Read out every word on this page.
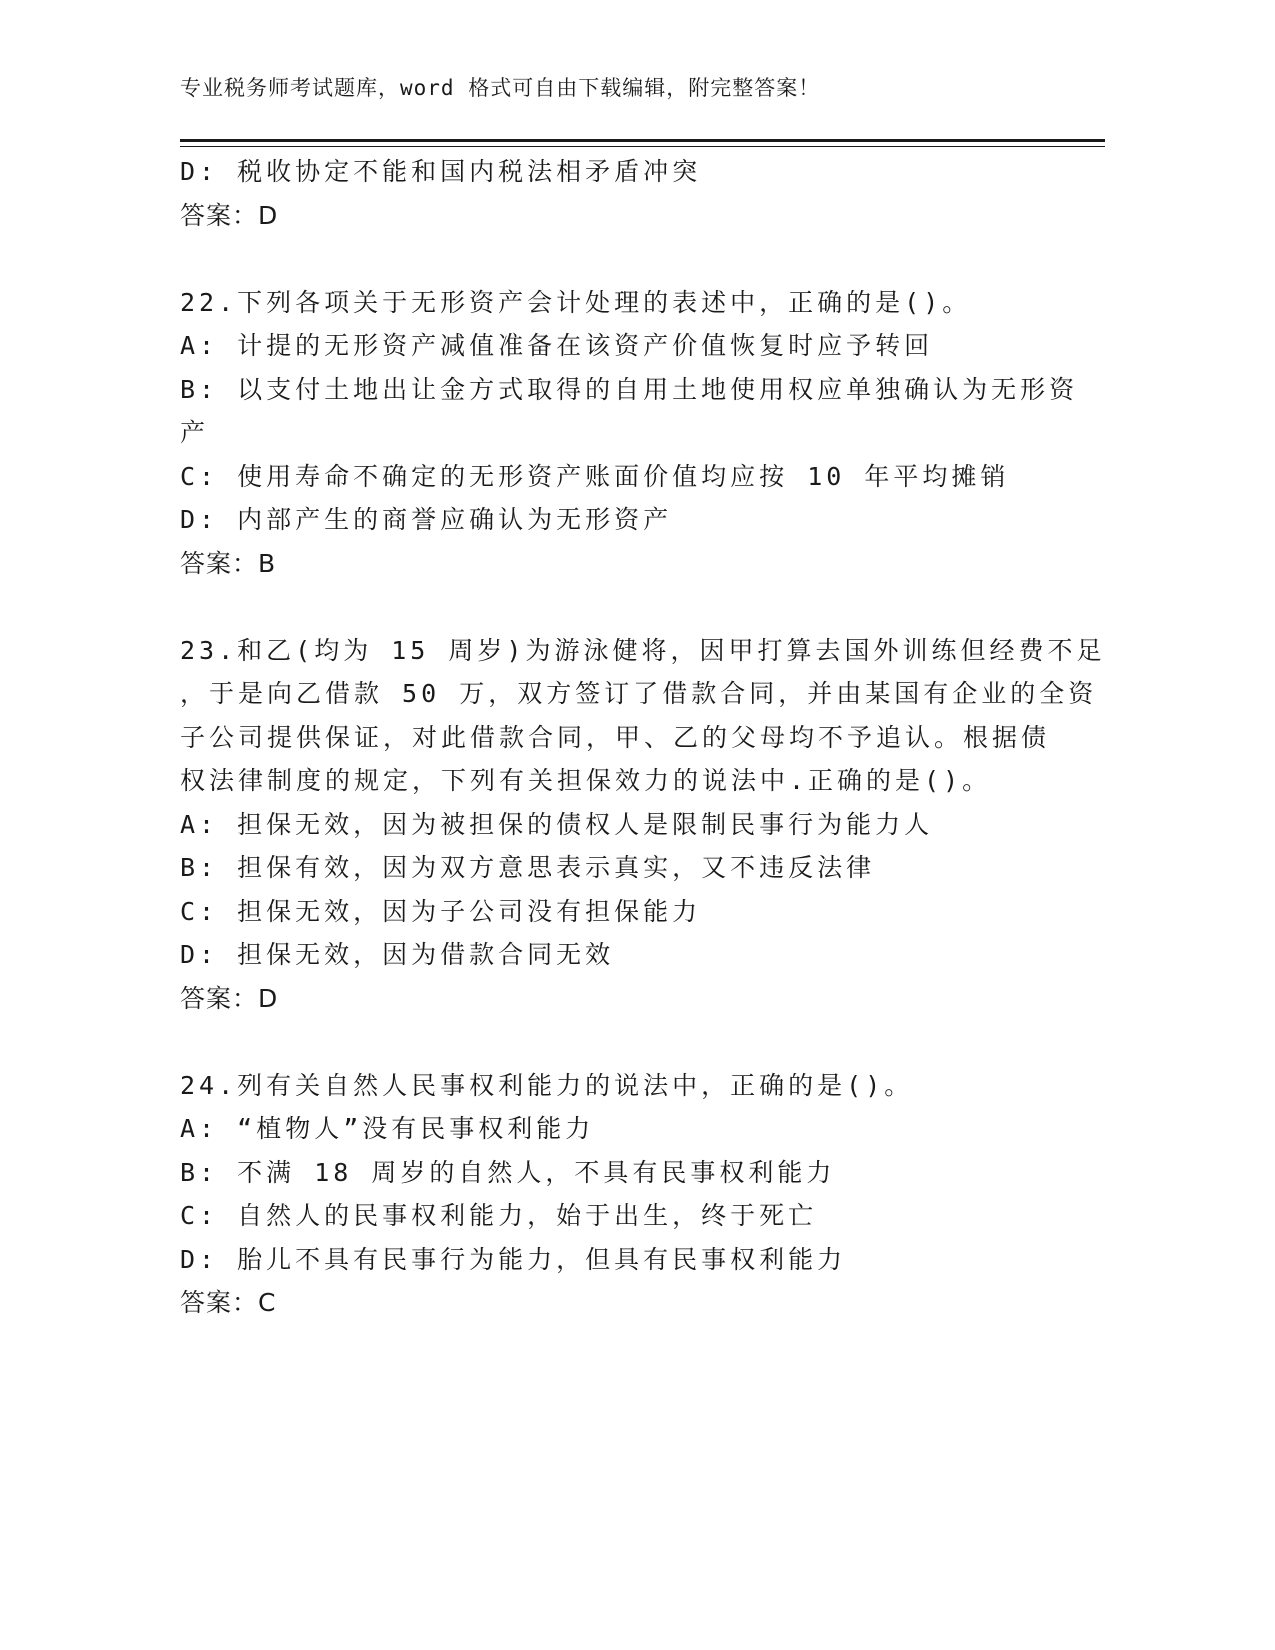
专业税务师考试题库，word 格式可自由下载编辑，附完整答案！
D: 税收协定不能和国内税法相矛盾冲突
答案：D
22.下列各项关于无形资产会计处理的表述中，正确的是()。
A: 计提的无形资产减值准备在该资产价值恢复时应予转回
B: 以支付土地出让金方式取得的自用土地使用权应单独确认为无形资
产
C: 使用寿命不确定的无形资产账面价值均应按 10 年平均摊销
D: 内部产生的商誉应确认为无形资产
答案：B
23.和乙(均为 15 周岁)为游泳健将，因甲打算去国外训练但经费不足
，于是向乙借款 50 万，双方签订了借款合同，并由某国有企业的全资
子公司提供保证，对此借款合同，甲、乙的父母均不予追认。根据债
权法律制度的规定，下列有关担保效力的说法中.正确的是()。
A: 担保无效，因为被担保的债权人是限制民事行为能力人
B: 担保有效，因为双方意思表示真实，又不违反法律
C: 担保无效，因为子公司没有担保能力
D: 担保无效，因为借款合同无效
答案：D
24.列有关自然人民事权利能力的说法中，正确的是()。
A: “植物人”没有民事权利能力
B: 不满 18 周岁的自然人，不具有民事权利能力
C: 自然人的民事权利能力，始于出生，终于死亡
D: 胎儿不具有民事行为能力，但具有民事权利能力
答案：C
